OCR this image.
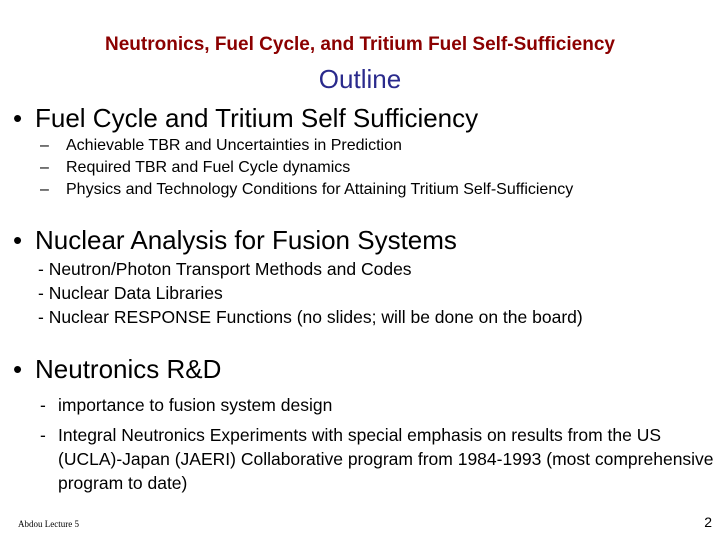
Neutronics, Fuel Cycle, and Tritium Fuel Self-Sufficiency
Outline
• Fuel Cycle and Tritium Self Sufficiency
– Achievable TBR and Uncertainties in Prediction
– Required TBR and Fuel Cycle dynamics
– Physics and Technology Conditions for Attaining Tritium Self-Sufficiency
• Nuclear Analysis for Fusion Systems
- Neutron/Photon Transport Methods and Codes
- Nuclear Data Libraries
- Nuclear RESPONSE Functions (no slides; will be done on the board)
• Neutronics R&D
- importance to fusion system design
- Integral Neutronics Experiments with special emphasis on results from the US (UCLA)-Japan (JAERI) Collaborative program from 1984-1993 (most comprehensive program to date)
Abdou Lecture 5	2
